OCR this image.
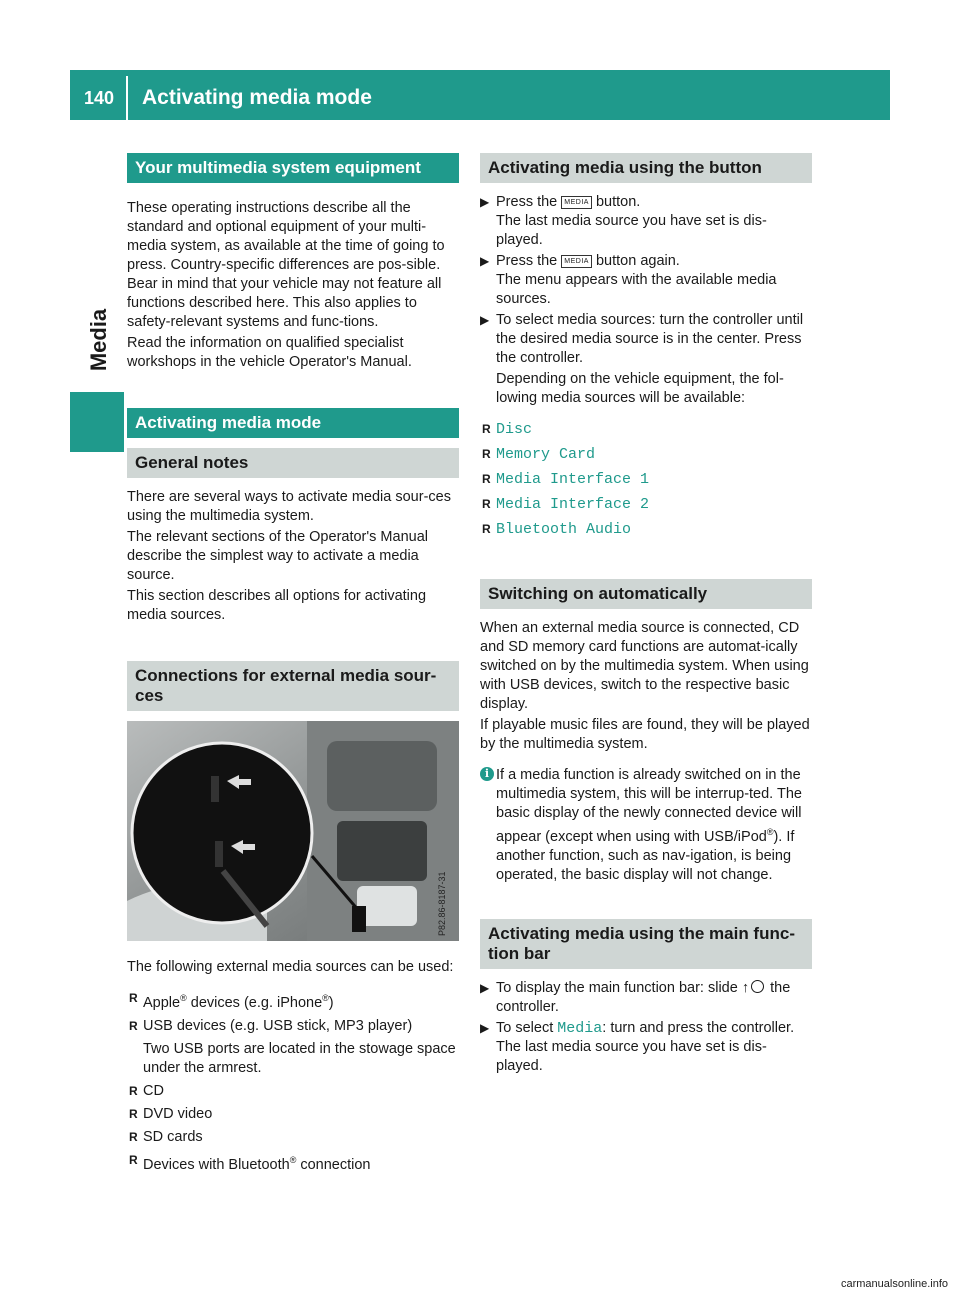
140 Activating media mode
Media
Your multimedia system equipment

These operating instructions describe all the standard and optional equipment of your multi-media system, as available at the time of going to press. Country-specific differences are pos-sible. Bear in mind that your vehicle may not feature all functions described here. This also applies to safety-relevant systems and func-tions.

Read the information on qualified specialist workshops in the vehicle Operator's Manual.

Activating media mode
General notes

There are several ways to activate media sour-ces using the multimedia system.

The relevant sections of the Operator's Manual describe the simplest way to activate a media source.

This section describes all options for activating media sources.

Connections for external media sour-ces
P82.86-8187-31

The following external media sources can be used:

R Apple® devices (e.g. iPhone®)
R USB devices (e.g. USB stick, MP3 player)
Two USB ports are located in the stowage space under the armrest.
R CD
R DVD video
R SD cards
R Devices with Bluetooth® connection
Activating media using the button
▶ Press the MEDIA button.
The last media source you have set is dis-played.
▶ Press the MEDIA button again.
The menu appears with the available media sources.
▶ To select media sources: turn the controller until the desired media source is in the center. Press the controller.

Depending on the vehicle equipment, the fol-lowing media sources will be available:

R Disc
R Memory Card
R Media Interface 1
R Media Interface 2
R Bluetooth Audio
Switching on automatically

When an external media source is connected, CD and SD memory card functions are automat-ically switched on by the multimedia system. When using with USB devices, switch to the respective basic display.

If playable music files are found, they will be played by the multimedia system.

i If a media function is already switched on in the multimedia system, this will be interrup-ted. The basic display of the newly connected device will appear (except when using with USB/iPod®). If another function, such as nav-igation, is being operated, the basic display will not change.
Activating media using the main func-tion bar
▶ To display the main function bar: slide ↑ the controller.
▶ To select Media: turn and press the controller.
The last media source you have set is dis-played.
carmanualsonline.info
